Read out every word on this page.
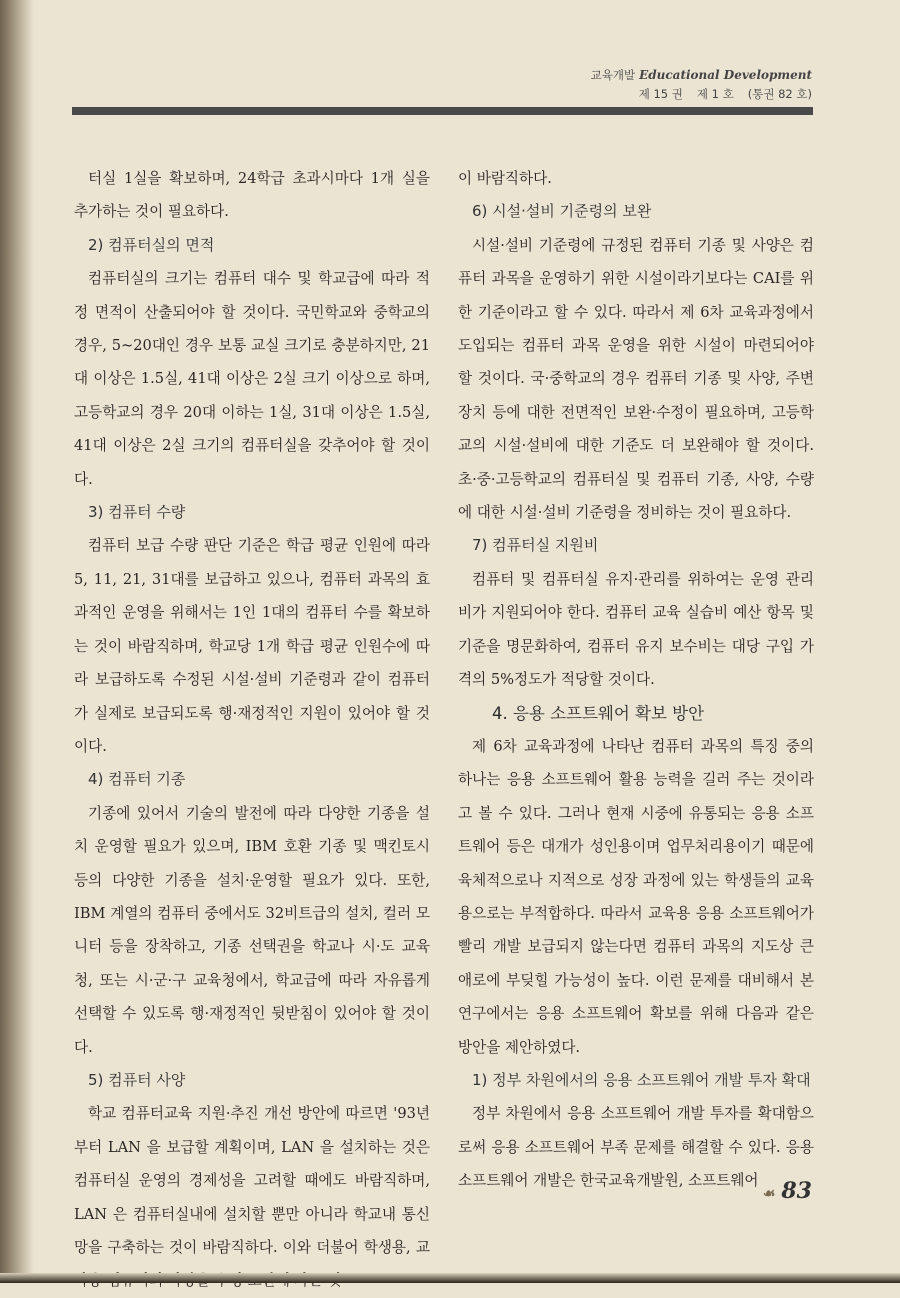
교육개발 Educational Development
제 15 권 제 1 호 (통권 82 호)

터실 1실을 확보하며, 24학급 초과시마다 1개 실을 추가하는 것이 필요하다.

2) 컴퓨터실의 면적

컴퓨터실의 크기는 컴퓨터 대수 및 학교급에 따라 적정 면적이 산출되어야 할 것이다. 국민학교와 중학교의 경우, 5~20대인 경우 보통 교실 크기로 충분하지만, 21대 이상은 1.5실, 41대 이상은 2실 크기 이상으로 하며, 고등학교의 경우 20대 이하는 1실, 31대 이상은 1.5실, 41대 이상은 2실 크기의 컴퓨터실을 갖추어야 할 것이다.

3) 컴퓨터 수량

컴퓨터 보급 수량 판단 기준은 학급 평균 인원에 따라 5, 11, 21, 31대를 보급하고 있으나, 컴퓨터 과목의 효과적인 운영을 위해서는 1인 1대의 컴퓨터 수를 확보하는 것이 바람직하며, 학교당 1개 학급 평균 인원수에 따라 보급하도록 수정된 시설·설비 기준령과 같이 컴퓨터가 실제로 보급되도록 행·재정적인 지원이 있어야 할 것이다.

4) 컴퓨터 기종

기종에 있어서 기술의 발전에 따라 다양한 기종을 설치 운영할 필요가 있으며, IBM 호환 기종 및 맥킨토시 등의 다양한 기종을 설치·운영할 필요가 있다. 또한, IBM 계열의 컴퓨터 중에서도 32비트급의 설치, 컬러 모니터 등을 장착하고, 기종 선택권을 학교나 시·도 교육청, 또는 시·군·구 교육청에서, 학교급에 따라 자유롭게 선택할 수 있도록 행·재정적인 뒷받침이 있어야 할 것이다.

5) 컴퓨터 사양

학교 컴퓨터교육 지원·추진 개선 방안에 따르면 '93년부터 LAN 을 보급할 계획이며, LAN 을 설치하는 것은 컴퓨터실 운영의 경제성을 고려할 때에도 바람직하며, LAN 은 컴퓨터실내에 설치할 뿐만 아니라 학교내 통신망을 구축하는 것이 바람직하다. 이와 더불어 학생용, 교

이 바람직하다.

6) 시설·설비 기준령의 보완

시설·설비 기준령에 규정된 컴퓨터 기종 및 사양은 컴퓨터 과목을 운영하기 위한 시설이라기보다는 CAI를 위한 기준이라고 할 수 있다. 따라서 제 6차 교육과정에서 도입되는 컴퓨터 과목 운영을 위한 시설이 마련되어야 할 것이다. 국·중학교의 경우 컴퓨터 기종 및 사양, 주변 장치 등에 대한 전면적인 보완·수정이 필요하며, 고등학교의 시설·설비에 대한 기준도 더 보완해야 할 것이다. 초·중·고등학교의 컴퓨터실 및 컴퓨터 기종, 사양, 수량에 대한 시설·설비 기준령을 정비하는 것이 필요하다.

7) 컴퓨터실 지원비

컴퓨터 및 컴퓨터실 유지·관리를 위하여는 운영 관리비가 지원되어야 한다. 컴퓨터 교육 실습비 예산 항목 및 기준을 명문화하여, 컴퓨터 유지 보수비는 대당 구입 가격의 5%정도가 적당할 것이다.

4. 응용 소프트웨어 확보 방안

제 6차 교육과정에 나타난 컴퓨터 과목의 특징 중의 하나는 응용 소프트웨어 활용 능력을 길러 주는 것이라고 볼 수 있다. 그러나 현재 시중에 유통되는 응용 소프트웨어 등은 대개가 성인용이며 업무처리용이기 때문에 육체적으로나 지적으로 성장 과정에 있는 학생들의 교육용으로는 부적합하다. 따라서 교육용 응용 소프트웨어가 빨리 개발 보급되지 않는다면 컴퓨터 과목의 지도상 큰 애로에 부딪힐 가능성이 높다. 이런 문제를 대비해서 본 연구에서는 응용 소프트웨어 확보를 위해 다음과 같은 방안을 제안하였다.

1) 정부 차원에서의 응용 소프트웨어 개발 투자 확대

정부 차원에서 응용 소프트웨어 개발 투자를 확대함으로써 응용 소프트웨어 부족 문제를 해결할 수 있다. 응용 소프트웨어 개발은 한국교육개발원, 소프트웨어

☙ 83
